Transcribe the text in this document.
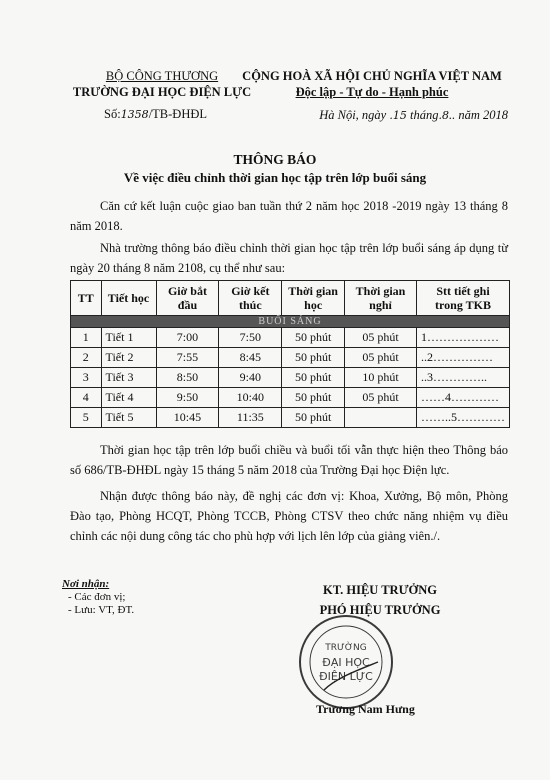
BỘ CÔNG THƯƠNG
TRƯỜNG ĐẠI HỌC ĐIỆN LỰC
Số:1358/TB-ĐHĐL
CỘNG HOÀ XÃ HỘI CHỦ NGHĨA VIỆT NAM
Độc lập - Tự do - Hạnh phúc
Hà Nội, ngày .15 tháng.8.. năm 2018
THÔNG BÁO
Về việc điều chỉnh thời gian học tập trên lớp buổi sáng
Căn cứ kết luận cuộc giao ban tuần thứ 2 năm học 2018 -2019 ngày 13 tháng 8 năm 2018.
Nhà trường thông báo điều chỉnh thời gian học tập trên lớp buổi sáng áp dụng từ ngày 20 tháng 8 năm 2108, cụ thể như sau:
TT	Tiết học	Giờ bắt đầu	Giờ kết thúc	Thời gian học	Thời gian nghỉ	Stt tiết ghi trong TKB
BUỔI SÁNG						
1	Tiết 1	7:00	7:50	50 phút	05 phút	1………………
2	Tiết 2	7:55	8:45	50 phút	05 phút	..2……………
3	Tiết 3	8:50	9:40	50 phút	10 phút	..3…………..
4	Tiết 4	9:50	10:40	50 phút	05 phút	……4…………
5	Tiết 5	10:45	11:35	50 phút		……..5…………
Thời gian học tập trên lớp buổi chiều và buổi tối vẫn thực hiện theo Thông báo số 686/TB-ĐHĐL ngày 15 tháng 5 năm 2018 của Trường Đại học Điện lực.
Nhận được thông báo này, đề nghị các đơn vị: Khoa, Xưởng, Bộ môn, Phòng Đào tạo, Phòng HCQT, Phòng TCCB, Phòng CTSV theo chức năng nhiệm vụ điều chỉnh các nội dung công tác cho phù hợp với lịch lên lớp của giảng viên./.
Nơi nhận:
- Các đơn vị;
- Lưu: VT, ĐT.
KT. HIỆU TRƯỞNG
PHÓ HIỆU TRƯỞNG
TRƯỜNG
ĐẠI HỌC
ĐIỆN LỰC
Trương Nam Hưng
